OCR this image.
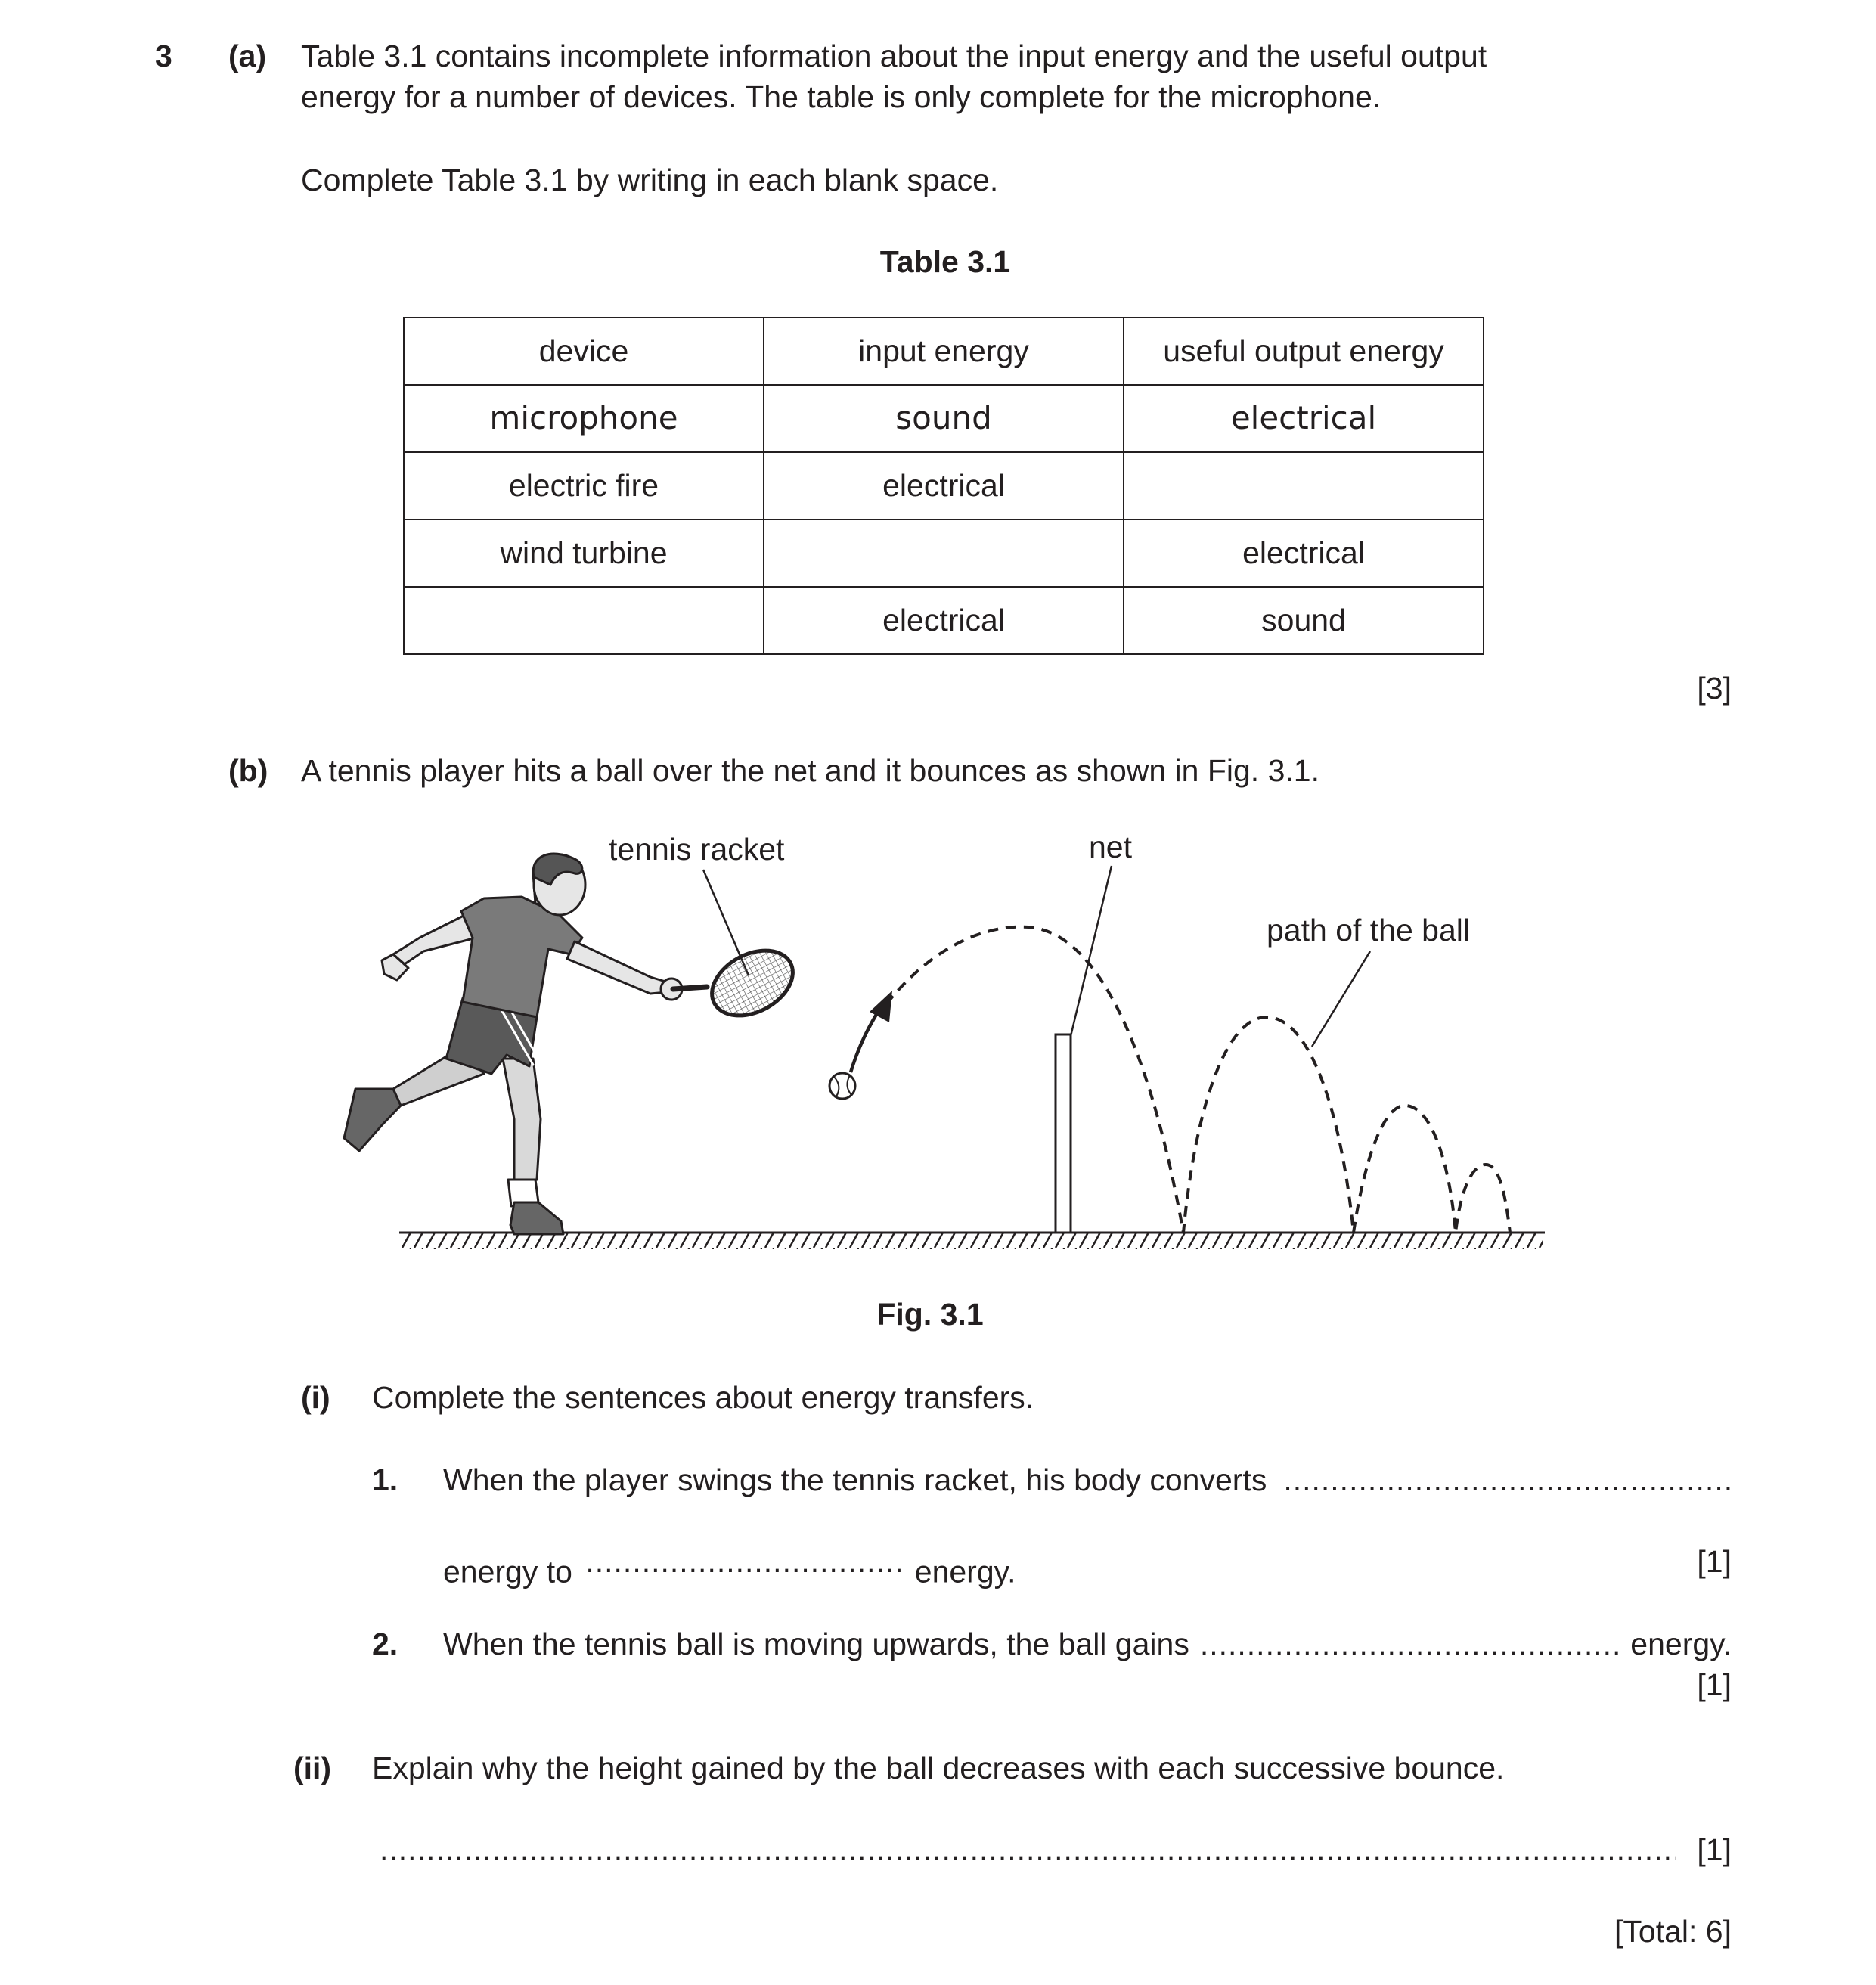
3 (a) Table 3.1 contains incomplete information about the input energy and the useful output
energy for a number of devices. The table is only complete for the microphone.
Complete Table 3.1 by writing in each blank space.
Table 3.1
device	input energy	useful output energy
microphone	sound	electrical
electric fire	electrical	
wind turbine		electrical
	electrical	sound
[3]
(b) A tennis player hits a ball over the net and it bounces as shown in Fig. 3.1.
tennis racket	net
path of the ball
Fig. 3.1
(i) Complete the sentences about energy transfers.
1. When the player swings the tennis racket, his body converts
.....
energy to .....	energy.	[1]
2. When the tennis ball is moving upwards, the ball gains .....	energy.
[1]
(ii) Explain why the height gained by the ball decreases with each successive bounce.
.....
[1]
[Total: 6]
